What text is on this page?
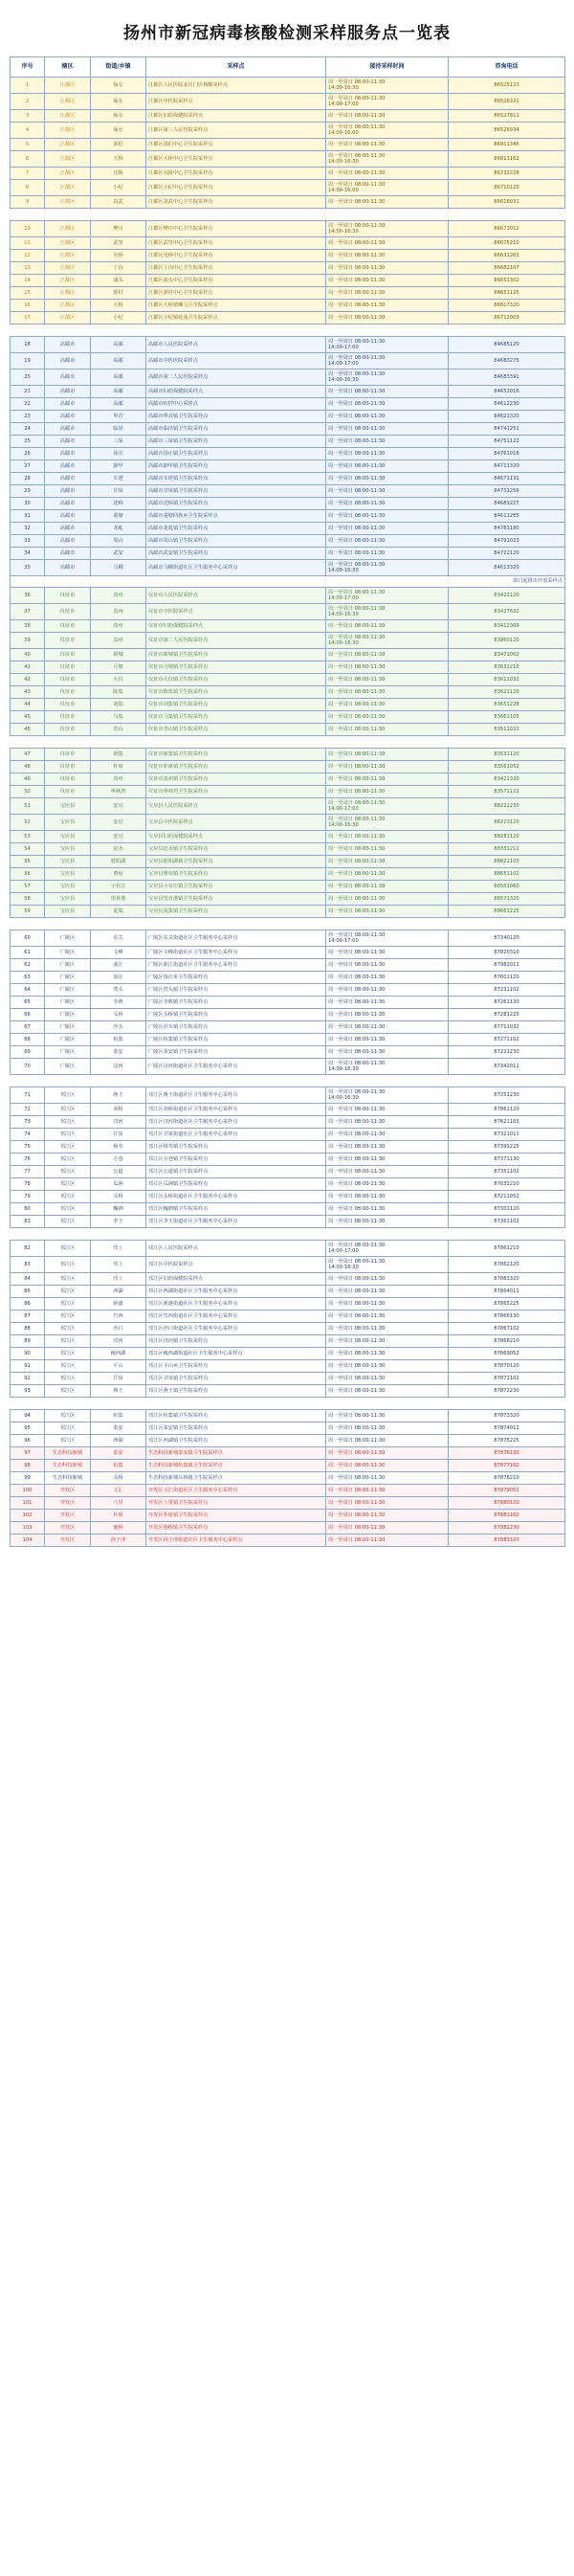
扬州市新冠病毒核酸检测采样服务点一览表
序号	辖区	街道/乡镇	采样点	接待采样时间	咨询电话
1	江都区	仙女	江都区人民医院北区门诊核酸采样点	周一至周日 08:00-11:30
14:00-16:30	86525123
2	江都区	仙女	江都区中医院采样点	周一至周日 08:00-11:30
14:00-17:00	86526321
3	江都区	仙女	江都区妇幼保健院采样点	周一至周日 08:00-11:30	86527811
4	江都区	仙女	江都区第三人民医院采样点	周一至周日 08:00-11:30
14:00-16:00	86526034
5	江都区	邵伯	江都区邵伯中心卫生院采样点	周一至周日 08:00-11:30	86911345
6	江都区	大桥	江都区大桥中心卫生院采样点	周一至周日 08:00-11:30
14:00-16:30	86813162
7	江都区	宜陵	江都区宜陵中心卫生院采样点	周一至周日 08:00-11:30	86731228
8	江都区	小纪	江都区小纪中心卫生院采样点	周一至周日 08:00-11:30
14:00-16:00	86710120
9	江都区	真武	江都区真武中心卫生院采样点	周一至周日 08:00-11:30	86618031

10	江都区	樊川	江都区樊川中心卫生院采样点	周一至周日 08:00-11:30
14:00-16:30	86671012
11	江都区	武坚	江都区武坚中心卫生院采样点	周一至周日 08:00-11:30	86675210
12	江都区	吴桥	江都区吴桥中心卫生院采样点	周一至周日 08:00-11:30	86631203
13	江都区	丁沟	江都区丁沟中心卫生院采样点	周一至周日 08:00-11:30	86682107
14	江都区	浦头	江都区浦头中心卫生院采样点	周一至周日 08:00-11:30	86651302
15	江都区	郭村	江都区郭村中心卫生院采样点	周一至周日 08:00-11:30	86651125
16	江都区	大桥	江都区大桥镇嘶马卫生院采样点	周一至周日 08:00-11:30	86817320
17	江都区	小纪	江都区小纪镇花荡卫生院采样点	周一至周日 08:00-11:30	86712003

18	高邮市	高邮	高邮市人民医院采样点	周一至周日 08:00-11:30
14:00-17:00	84685120
19	高邮市	高邮	高邮市中医医院采样点	周一至周日 08:00-11:30
14:00-17:00	84683275
20	高邮市	高邮	高邮市第二人民医院采样点	周一至周日 08:00-11:30
14:00-16:30	84683391
21	高邮市	高邮	高邮市妇幼保健院采样点	周一至周日 08:00-11:30	84652016
22	高邮市	高邮	高邮市疾控中心采样点	周一至周日 08:00-11:30	84612230
23	高邮市	界首	高邮市界首镇卫生院采样点	周一至周日 08:00-11:30	84821320
24	高邮市	临泽	高邮市临泽镇卫生院采样点	周一至周日 08:00-11:30	84741251
25	高邮市	三垛	高邮市三垛镇卫生院采样点	周一至周日 08:00-11:30	84751122
26	高邮市	汤庄	高邮市汤庄镇卫生院采样点	周一至周日 08:00-11:30	84761018
27	高邮市	卸甲	高邮市卸甲镇卫生院采样点	周一至周日 08:00-11:30	84711320
28	高邮市	车逻	高邮市车逻镇卫生院采样点	周一至周日 08:00-11:30	84671131
29	高邮市	甘垛	高邮市甘垛镇卫生院采样点	周一至周日 08:00-11:30	84731256
30	高邮市	送桥	高邮市送桥镇卫生院采样点	周一至周日 08:00-11:30	84681227
31	高邮市	菱塘	高邮市菱塘回族乡卫生院采样点	周一至周日 08:00-11:30	84611285
32	高邮市	龙虬	高邮市龙虬镇卫生院采样点	周一至周日 08:00-11:30	84781180
33	高邮市	周山	高邮市周山镇卫生院采样点	周一至周日 08:00-11:30	84791023
34	高邮市	武安	高邮市武安镇卫生院采样点	周一至周日 08:00-11:30	84722120
35	高邮市	马棚	高邮市马棚街道社区卫生服务中心采样点	周一至周日 08:00-11:30
14:00-16:30	84613320
即日起推出开放采样点					
36	仪征市	真州	仪征市人民医院采样点	周一至周日 08:00-11:30
14:00-17:00	83422120
37	仪征市	真州	仪征市中医院采样点	周一至周日 08:00-11:30
14:00-16:30	83427632
38	仪征市	真州	仪征市妇幼保健院采样点	周一至周日 08:00-11:30	83412309
39	仪征市	真州	仪征市第二人民医院采样点	周一至周日 08:00-11:30
14:00-16:30	83860120
40	仪征市	新城	仪征市新城镇卫生院采样点	周一至周日 08:00-11:30	83471002
41	仪征市	月塘	仪征市月塘镇卫生院采样点	周一至周日 08:00-11:30	83631210
42	仪征市	大仪	仪征市大仪镇卫生院采样点	周一至周日 08:00-11:30	83611032
43	仪征市	陈集	仪征市陈集镇卫生院采样点	周一至周日 08:00-11:30	83621120
44	仪征市	刘集	仪征市刘集镇卫生院采样点	周一至周日 08:00-11:30	83651228
45	仪征市	马集	仪征市马集镇卫生院采样点	周一至周日 08:00-11:30	83661105
46	仪征市	青山	仪征市青山镇卫生院采样点	周一至周日 08:00-11:30	83511023

47	仪征市	新集	仪征市新集镇卫生院采样点	周一至周日 08:00-11:30	83531120
48	仪征市	朴席	仪征市朴席镇卫生院采样点	周一至周日 08:00-11:30	83561052
49	仪征市	真州	仪征市真州镇卫生院采样点	周一至周日 08:00-11:30	83421330
50	仪征市	枣林湾	仪征市枣林湾卫生院采样点	周一至周日 08:00-11:30	83571122
51	宝应县	安宜	宝应县人民医院采样点	周一至周日 08:00-11:30
14:00-17:00	88221230
52	宝应县	安宜	宝应县中医院采样点	周一至周日 08:00-11:30
14:00-16:30	88223120
53	宝应县	安宜	宝应县妇幼保健院采样点	周一至周日 08:00-11:30	88281120
54	宝应县	氾水	宝应县氾水镇卫生院采样点	周一至周日 08:00-11:30	88331211
55	宝应县	射阳湖	宝应县射阳湖镇卫生院采样点	周一至周日 08:00-11:30	88821103
56	宝应县	曹甸	宝应县曹甸镇卫生院采样点	周一至周日 08:00-11:30	88651102
57	宝应县	小官庄	宝应县小官庄镇卫生院采样点	周一至周日 08:00-11:30	88551060
58	宝应县	望直港	宝应县望直港镇卫生院采样点	周一至周日 08:00-11:30	88571320
59	宝应县	夏集	宝应县夏集镇卫生院采样点	周一至周日 08:00-11:30	88661225

60	广陵区	东关	广陵区东关街道社区卫生服务中心采样点	周一至周日 08:00-11:30
14:00-17:00	87340120
61	广陵区	文峰	广陵区文峰街道社区卫生服务中心采样点	周一至周日 08:00-11:30	87820310
62	广陵区	曲江	广陵区曲江街道社区卫生服务中心采样点	周一至周日 08:00-11:30	87982011
63	广陵区	汤汪	广陵区汤汪乡卫生院采样点	周一至周日 08:00-11:30	87601120
64	广陵区	湾头	广陵区湾头镇卫生院采样点	周一至周日 08:00-11:30	87231102
65	广陵区	李典	广陵区李典镇卫生院采样点	周一至周日 08:00-11:30	87261130
66	广陵区	头桥	广陵区头桥镇卫生院采样点	周一至周日 08:00-11:30	87281225
67	广陵区	沙头	广陵区沙头镇卫生院采样点	周一至周日 08:00-11:30	87711032
68	广陵区	杭集	广陵区杭集镇卫生院采样点	周一至周日 08:00-11:30	87271102
69	广陵区	泰安	广陵区泰安镇卫生院采样点	周一至周日 08:00-11:30	87221230
70	广陵区	汶河	广陵区汶河街道社区卫生服务中心采样点	周一至周日 08:00-11:30
14:00-16:30	87342011

71	邗江区	蒋王	邗江区蒋王街道社区卫生服务中心采样点	周一至周日 08:00-11:30
14:00-16:30	87251230
72	邗江区	双桥	邗江区双桥街道社区卫生服务中心采样点	周一至周日 08:00-11:30	87861120
73	邗江区	汊河	邗江区汊河街道社区卫生服务中心采样点	周一至周日 08:00-11:30	87621103
74	邗江区	甘泉	邗江区甘泉街道社区卫生服务中心采样点	周一至周日 08:00-11:30	87321011
75	邗江区	杨寿	邗江区杨寿镇卫生院采样点	周一至周日 08:00-11:30	87391225
76	邗江区	方巷	邗江区方巷镇卫生院采样点	周一至周日 08:00-11:30	87371130
77	邗江区	公道	邗江区公道镇卫生院采样点	周一至周日 08:00-11:30	87351102
78	邗江区	瓜洲	邗江区瓜洲镇卫生院采样点	周一至周日 08:00-11:30	87631210
79	邗江区	头桥	邗江区头桥街道社区卫生服务中心采样点	周一至周日 08:00-11:30	87211052
80	邗江区	槐泗	邗江区槐泗镇卫生院采样点	周一至周日 08:00-11:30	87301120
81	邗江区	李王	邗江区李王街道社区卫生服务中心采样点	周一至周日 08:00-11:30	87361102

82	邗江区	邗上	邗江区人民医院采样点	周一至周日 08:00-11:30
14:00-17:00	87861210
83	邗江区	邗上	邗江区中医院采样点	周一至周日 08:00-11:30
14:00-16:30	87862120
84	邗江区	邗上	邗江区妇幼保健院采样点	周一至周日 08:00-11:30	87863320
85	邗江区	西湖	邗江区西湖街道社区卫生服务中心采样点	周一至周日 08:00-11:30	87864011
86	邗江区	新盛	邗江区新盛街道社区卫生服务中心采样点	周一至周日 08:00-11:30	87865225
87	邗江区	竹西	邗江区竹西街道社区卫生服务中心采样点	周一至周日 08:00-11:30	87866130
88	邗江区	沙口	邗江区沙口街道社区卫生服务中心采样点	周一至周日 08:00-11:30	87867102
89	邗江区	汊河	邗江区汊河镇卫生院采样点	周一至周日 08:00-11:30	87868210
90	邗江区	瘦西湖	邗江区瘦西湖街道社区卫生服务中心采样点	周一至周日 08:00-11:30	87869052
91	邗江区	平山	邗江区平山乡卫生院采样点	周一至周日 08:00-11:30	87870120
92	邗江区	甘泉	邗江区甘泉镇卫生院采样点	周一至周日 08:00-11:30	87871102
93	邗江区	蒋王	邗江区蒋王镇卫生院采样点	周一至周日 08:00-11:30	87872230

94	邗江区	杭集	邗江区杭集镇卫生院采样点	周一至周日 08:00-11:30	87873320
95	邗江区	泰安	邗江区泰安镇卫生院采样点	周一至周日 08:00-11:30	87874011
96	邗江区	西湖	邗江区西湖镇卫生院采样点	周一至周日 08:00-11:30	87875225
97	生态科技新城	泰安	生态科技新城泰安镇卫生院采样点	周一至周日 08:00-11:30	87876130
98	生态科技新城	杭集	生态科技新城杭集镇卫生院采样点	周一至周日 08:00-11:30	87877102
99	生态科技新城	头桥	生态科技新城头桥镇卫生院采样点	周一至周日 08:00-11:30	87878210
100	开发区	文汇	开发区文汇街道社区卫生服务中心采样点	周一至周日 08:00-11:30	87879052
101	开发区	八里	开发区八里镇卫生院采样点	周一至周日 08:00-11:30	87880120
102	开发区	朴席	开发区朴席镇卫生院采样点	周一至周日 08:00-11:30	87881102
103	开发区	施桥	开发区施桥镇卫生院采样点	周一至周日 08:00-11:30	87882230
104	开发区	扬子津	开发区扬子津街道社区卫生服务中心采样点	周一至周日 08:00-11:30	87883320
